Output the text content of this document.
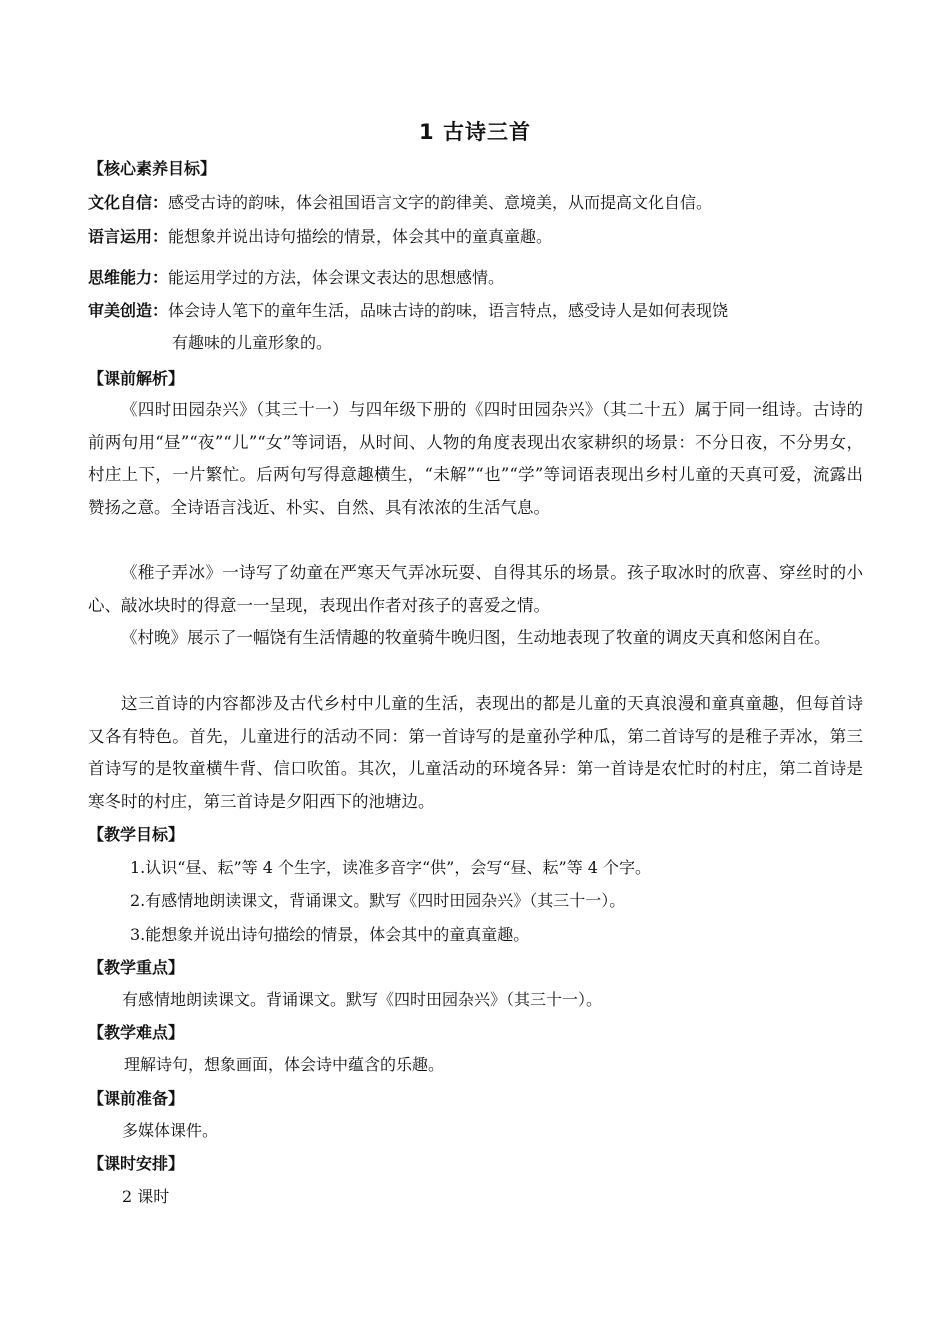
1 古诗三首
【核心素养目标】
文化自信：感受古诗的韵味，体会祖国语言文字的韵律美、意境美，从而提高文化自信。
语言运用：能想象并说出诗句描绘的情景，体会其中的童真童趣。
思维能力：能运用学过的方法，体会课文表达的思想感情。
审美创造：体会诗人笔下的童年生活，品味古诗的韵味，语言特点，感受诗人是如何表现饶
有趣味的儿童形象的。
【课前解析】
《四时田园杂兴》（其三十一）与四年级下册的《四时田园杂兴》（其二十五）属于同一组诗。古诗的前两句用“昼”“夜”“儿”“女”等词语，从时间、人物的角度表现出农家耕织的场景：不分日夜，不分男女，村庄上下，一片繁忙。后两句写得意趣横生，“未解”“也”“学”等词语表现出乡村儿童的天真可爱，流露出赞扬之意。全诗语言浅近、朴实、自然、具有浓浓的生活气息。
《稚子弄冰》一诗写了幼童在严寒天气弄冰玩耍、自得其乐的场景。孩子取冰时的欣喜、穿丝时的小心、敲冰块时的得意一一呈现，表现出作者对孩子的喜爱之情。
《村晚》展示了一幅饶有生活情趣的牧童骑牛晚归图，生动地表现了牧童的调皮天真和悠闲自在。
这三首诗的内容都涉及古代乡村中儿童的生活，表现出的都是儿童的天真浪漫和童真童趣，但每首诗又各有特色。首先，儿童进行的活动不同：第一首诗写的是童孙学种瓜，第二首诗写的是稚子弄冰，第三首诗写的是牧童横牛背、信口吹笛。其次，儿童活动的环境各异：第一首诗是农忙时的村庄，第二首诗是寒冬时的村庄，第三首诗是夕阳西下的池塘边。
【教学目标】
1.认识“昼、耘”等 4 个生字，读准多音字“供”，会写“昼、耘”等 4 个字。
2.有感情地朗读课文，背诵课文。默写《四时田园杂兴》（其三十一）。
3.能想象并说出诗句描绘的情景，体会其中的童真童趣。
【教学重点】
有感情地朗读课文。背诵课文。默写《四时田园杂兴》（其三十一）。
【教学难点】
理解诗句，想象画面，体会诗中蕴含的乐趣。
【课前准备】
多媒体课件。
【课时安排】
2 课时
